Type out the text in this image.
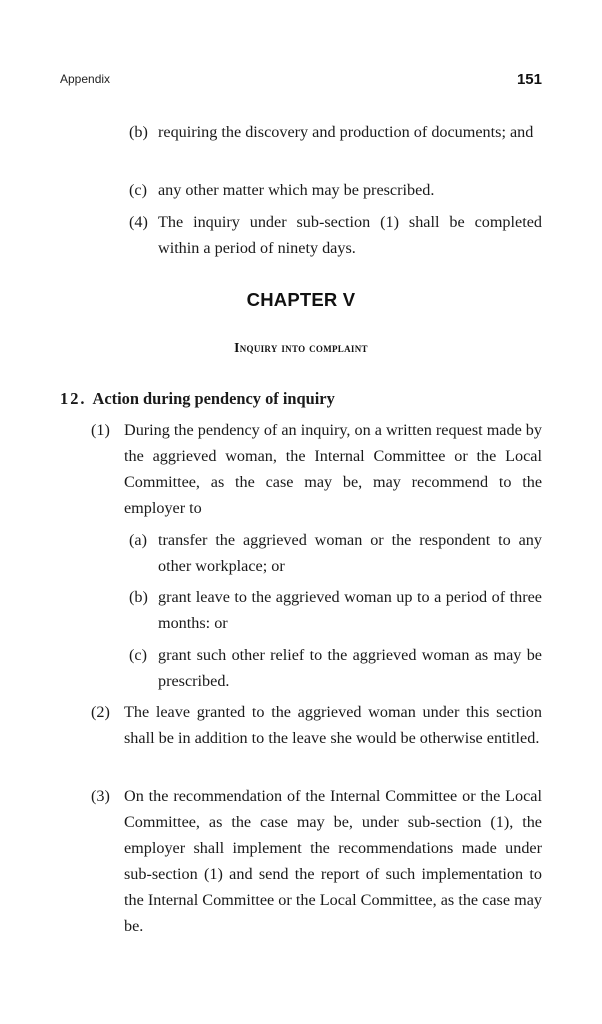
Appendix	151
(b) requiring the discovery and production of documents; and
(c) any other matter which may be prescribed.
(4) The inquiry under sub-section (1) shall be completed within a period of ninety days.
CHAPTER V
Inquiry into complaint
12. Action during pendency of inquiry
(1) During the pendency of an inquiry, on a written request made by the aggrieved woman, the Internal Committee or the Local Committee, as the case may be, may recommend to the employer to
(a) transfer the aggrieved woman or the respondent to any other workplace; or
(b) grant leave to the aggrieved woman up to a period of three months: or
(c) grant such other relief to the aggrieved woman as may be prescribed.
(2) The leave granted to the aggrieved woman under this section shall be in addition to the leave she would be otherwise entitled.
(3) On the recommendation of the Internal Committee or the Local Committee, as the case may be, under sub-section (1), the employer shall implement the recommendations made under sub-section (1) and send the report of such implementation to the Internal Committee or the Local Committee, as the case may be.
